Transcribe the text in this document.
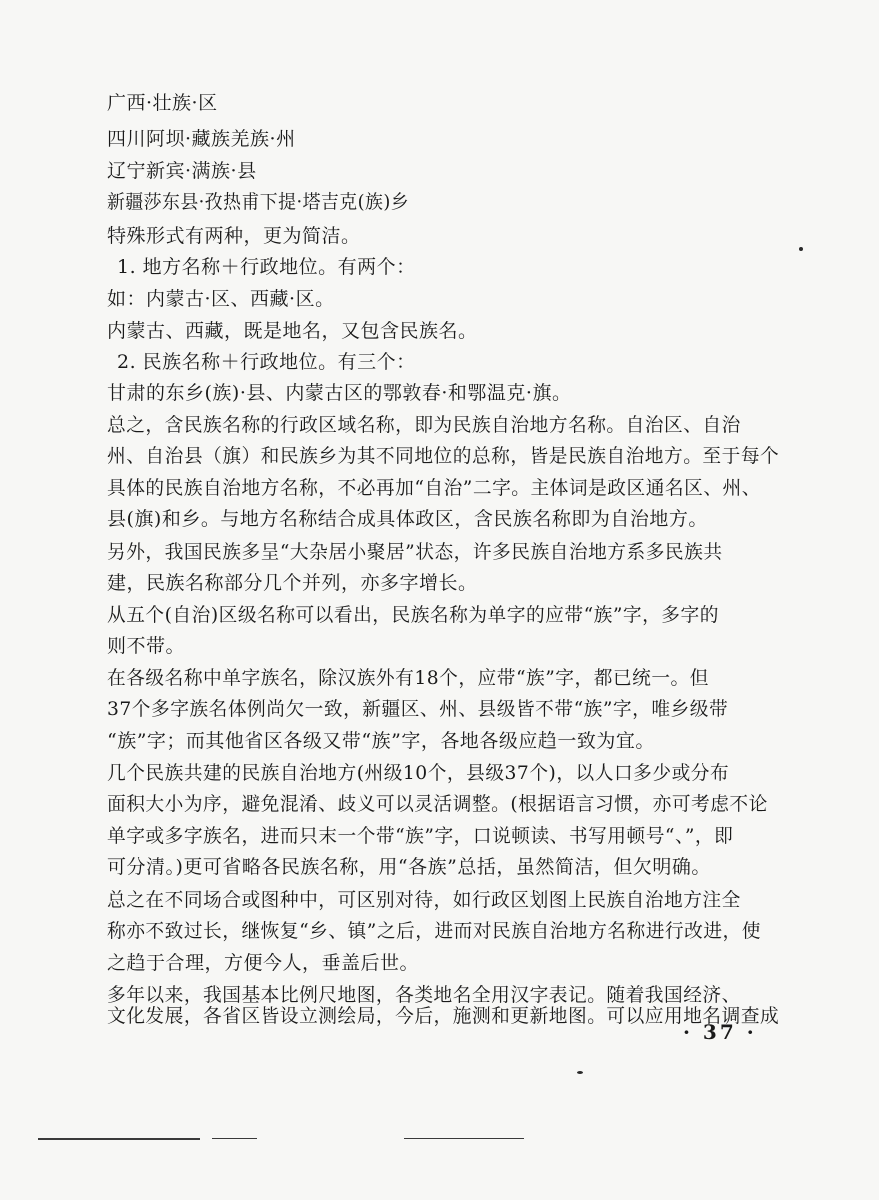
广西·壮族·区
四川阿坝·藏族羌族·州
辽宁新宾·满族·县
新疆莎东县·孜热甫下提·塔吉克(族)乡
特殊形式有两种，更为简洁。
1. 地方名称＋行政地位。有两个：
如：内蒙古·区、西藏·区。
内蒙古、西藏，既是地名，又包含民族名。
2. 民族名称＋行政地位。有三个：
甘肃的东乡(族)·县、内蒙古区的鄂敦春·和鄂温克·旗。
总之，含民族名称的行政区域名称，即为民族自治地方名称。自治区、自治
州、自治县（旗）和民族乡为其不同地位的总称，皆是民族自治地方。至于每个
具体的民族自治地方名称，不必再加“自治”二字。主体词是政区通名区、州、
县(旗)和乡。与地方名称结合成具体政区，含民族名称即为自治地方。
另外，我国民族多呈“大杂居小聚居”状态，许多民族自治地方系多民族共
建，民族名称部分几个并列，亦多字增长。
从五个(自治)区级名称可以看出，民族名称为单字的应带“族”字，多字的
则不带。
在各级名称中单字族名，除汉族外有18个，应带“族”字，都已统一。但
37个多字族名体例尚欠一致，新疆区、州、县级皆不带“族”字，唯乡级带
“族”字；而其他省区各级又带“族”字，各地各级应趋一致为宜。
几个民族共建的民族自治地方(州级10个，县级37个)，以人口多少或分布
面积大小为序，避免混淆、歧义可以灵活调整。(根据语言习惯，亦可考虑不论
单字或多字族名，进而只末一个带“族”字，口说顿读、书写用顿号“、”，即
可分清。)更可省略各民族名称，用“各族”总括，虽然简洁，但欠明确。
总之在不同场合或图种中，可区别对待，如行政区划图上民族自治地方注全
称亦不致过长，继恢复“乡、镇”之后，进而对民族自治地方名称进行改进，使
之趋于合理，方便今人，垂盖后世。
多年以来，我国基本比例尺地图，各类地名全用汉字表记。随着我国经济、
文化发展，各省区皆设立测绘局，今后，施测和更新地图。可以应用地名调查成
· 37 ·
